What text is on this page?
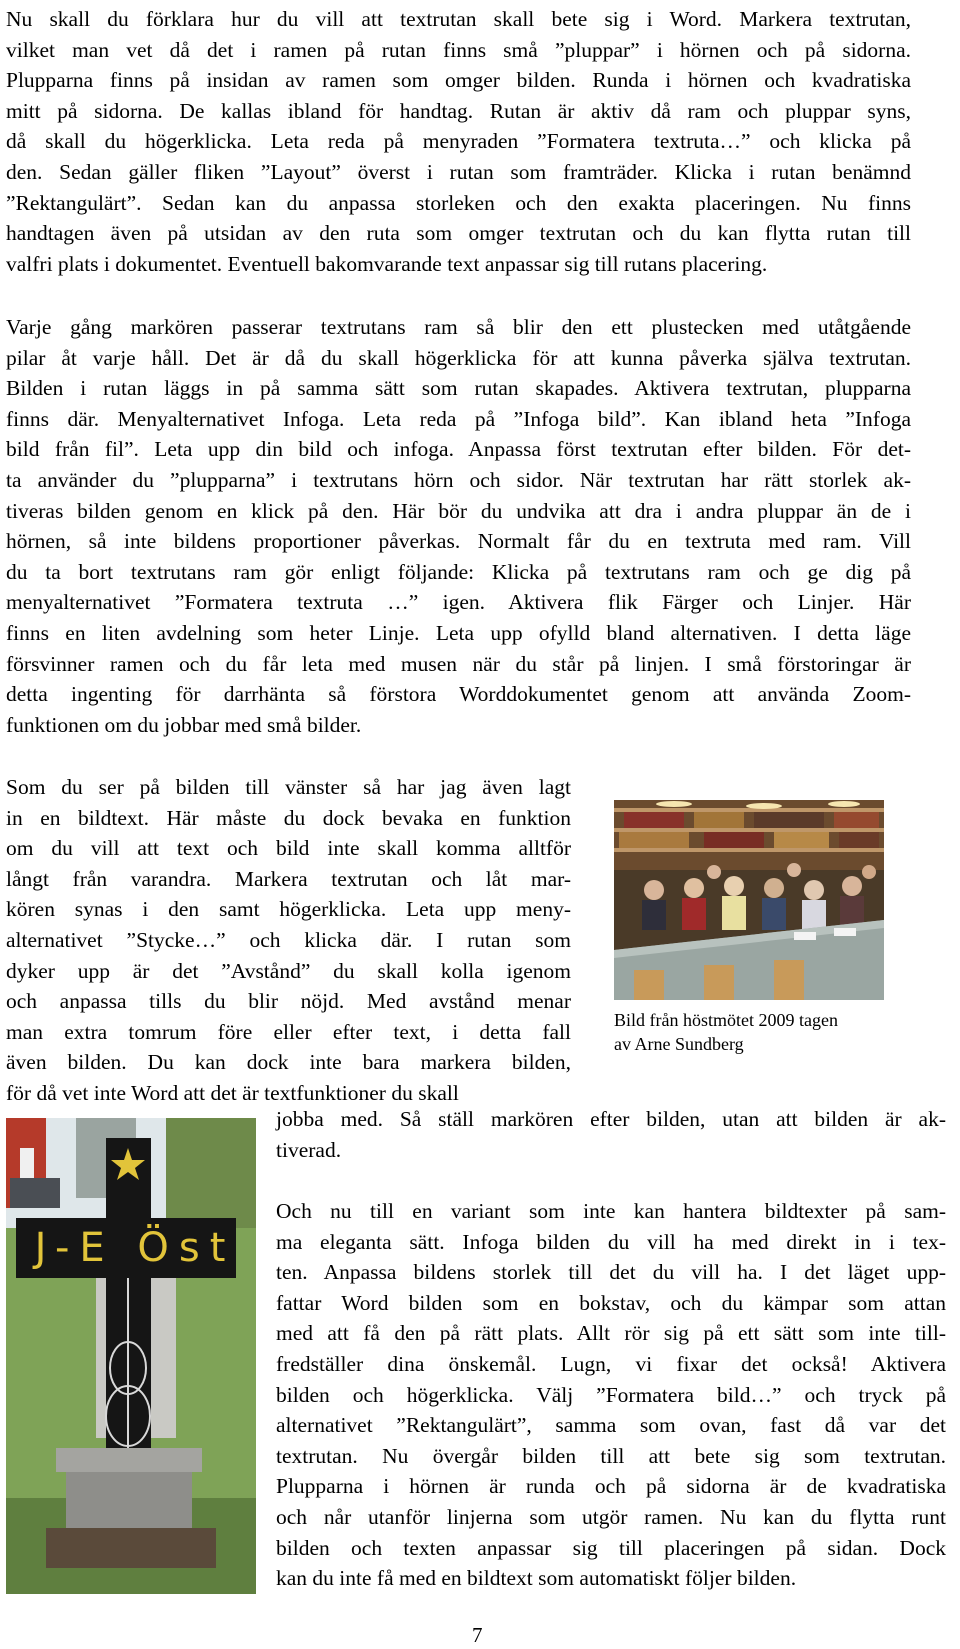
Nu skall du förklara hur du vill att textrutan skall bete sig i Word. Markera textrutan,
vilket man vet då det i ramen på rutan finns små ”pluppar” i hörnen och på sidorna.
Plupparna finns på insidan av ramen som omger bilden. Runda i hörnen och kvadratiska
mitt på sidorna. De kallas ibland för handtag. Rutan är aktiv då ram och pluppar syns,
då skall du högerklicka. Leta reda på menyraden ”Formatera textruta…” och klicka på
den. Sedan gäller fliken ”Layout” överst i rutan som framträder. Klicka i rutan benämnd
”Rektangulärt”. Sedan kan du anpassa storleken och den exakta placeringen. Nu finns
handtagen även på utsidan av den ruta som omger textrutan och du kan flytta rutan till
valfri plats i dokumentet. Eventuell bakomvarande text anpassar sig till rutans placering.
Varje gång markören passerar textrutans ram så blir den ett plustecken med utåtgående
pilar åt varje håll. Det är då du skall högerklicka för att kunna påverka själva textrutan.
Bilden i rutan läggs in på samma sätt som rutan skapades. Aktivera textrutan, plupparna
finns där. Menyalternativet Infoga. Leta reda på ”Infoga bild”. Kan ibland heta ”Infoga
bild från fil”. Leta upp din bild och infoga. Anpassa först textrutan efter bilden. För det-
ta använder du ”plupparna” i textrutans hörn och sidor. När textrutan har rätt storlek ak-
tiveras bilden genom en klick på den. Här bör du undvika att dra i andra pluppar än de i
hörnen, så inte bildens proportioner påverkas. Normalt får du en textruta med ram. Vill
du ta bort textrutans ram gör enligt följande: Klicka på textrutans ram och ge dig på
menyalternativet ”Formatera textruta …” igen. Aktivera flik Färger och Linjer. Här
finns en liten avdelning som heter Linje. Leta upp ofylld bland alternativen. I detta läge
försvinner ramen och du får leta med musen när du står på linjen. I små förstoringar är
detta ingenting för darrhänta så förstora Worddokumentet genom att använda Zoom-
funktionen om du jobbar med små bilder.
Som du ser på bilden till vänster så har jag även lagt
in en bildtext. Här måste du dock bevaka en funktion
om du vill att text och bild inte skall komma alltför
långt från varandra. Markera textrutan och låt mar-
kören synas i den samt högerklicka. Leta upp meny-
alternativet ”Stycke…” och klicka där. I rutan som
dyker upp är det ”Avstånd” du skall kolla igenom
och anpassa tills du blir nöjd. Med avstånd menar
man extra tomrum före eller efter text, i detta fall
även bilden. Du kan dock inte bara markera bilden,
för då vet inte Word att det är textfunktioner du skall

Bild från höstmötet 2009 tagen
av Arne Sundberg

J-E Öst
jobba med. Så ställ markören efter bilden, utan att bilden är ak-
tiverad.
Och nu till en variant som inte kan hantera bildtexter på sam-
ma eleganta sätt. Infoga bilden du vill ha med direkt in i tex-
ten. Anpassa bildens storlek till det du vill ha. I det läget upp-
fattar Word bilden som en bokstav, och du kämpar som attan
med att få den på rätt plats. Allt rör sig på ett sätt som inte till-
fredställer dina önskemål. Lugn, vi fixar det också! Aktivera
bilden och högerklicka. Välj ”Formatera bild…” och tryck på
alternativet ”Rektangulärt”, samma som ovan, fast då var det
textrutan. Nu övergår bilden till att bete sig som textrutan.
Plupparna i hörnen är runda och på sidorna är de kvadratiska
och når utanför linjerna som utgör ramen. Nu kan du flytta runt
bilden och texten anpassar sig till placeringen på sidan. Dock
kan du inte få med en bildtext som automatiskt följer bilden.
7
